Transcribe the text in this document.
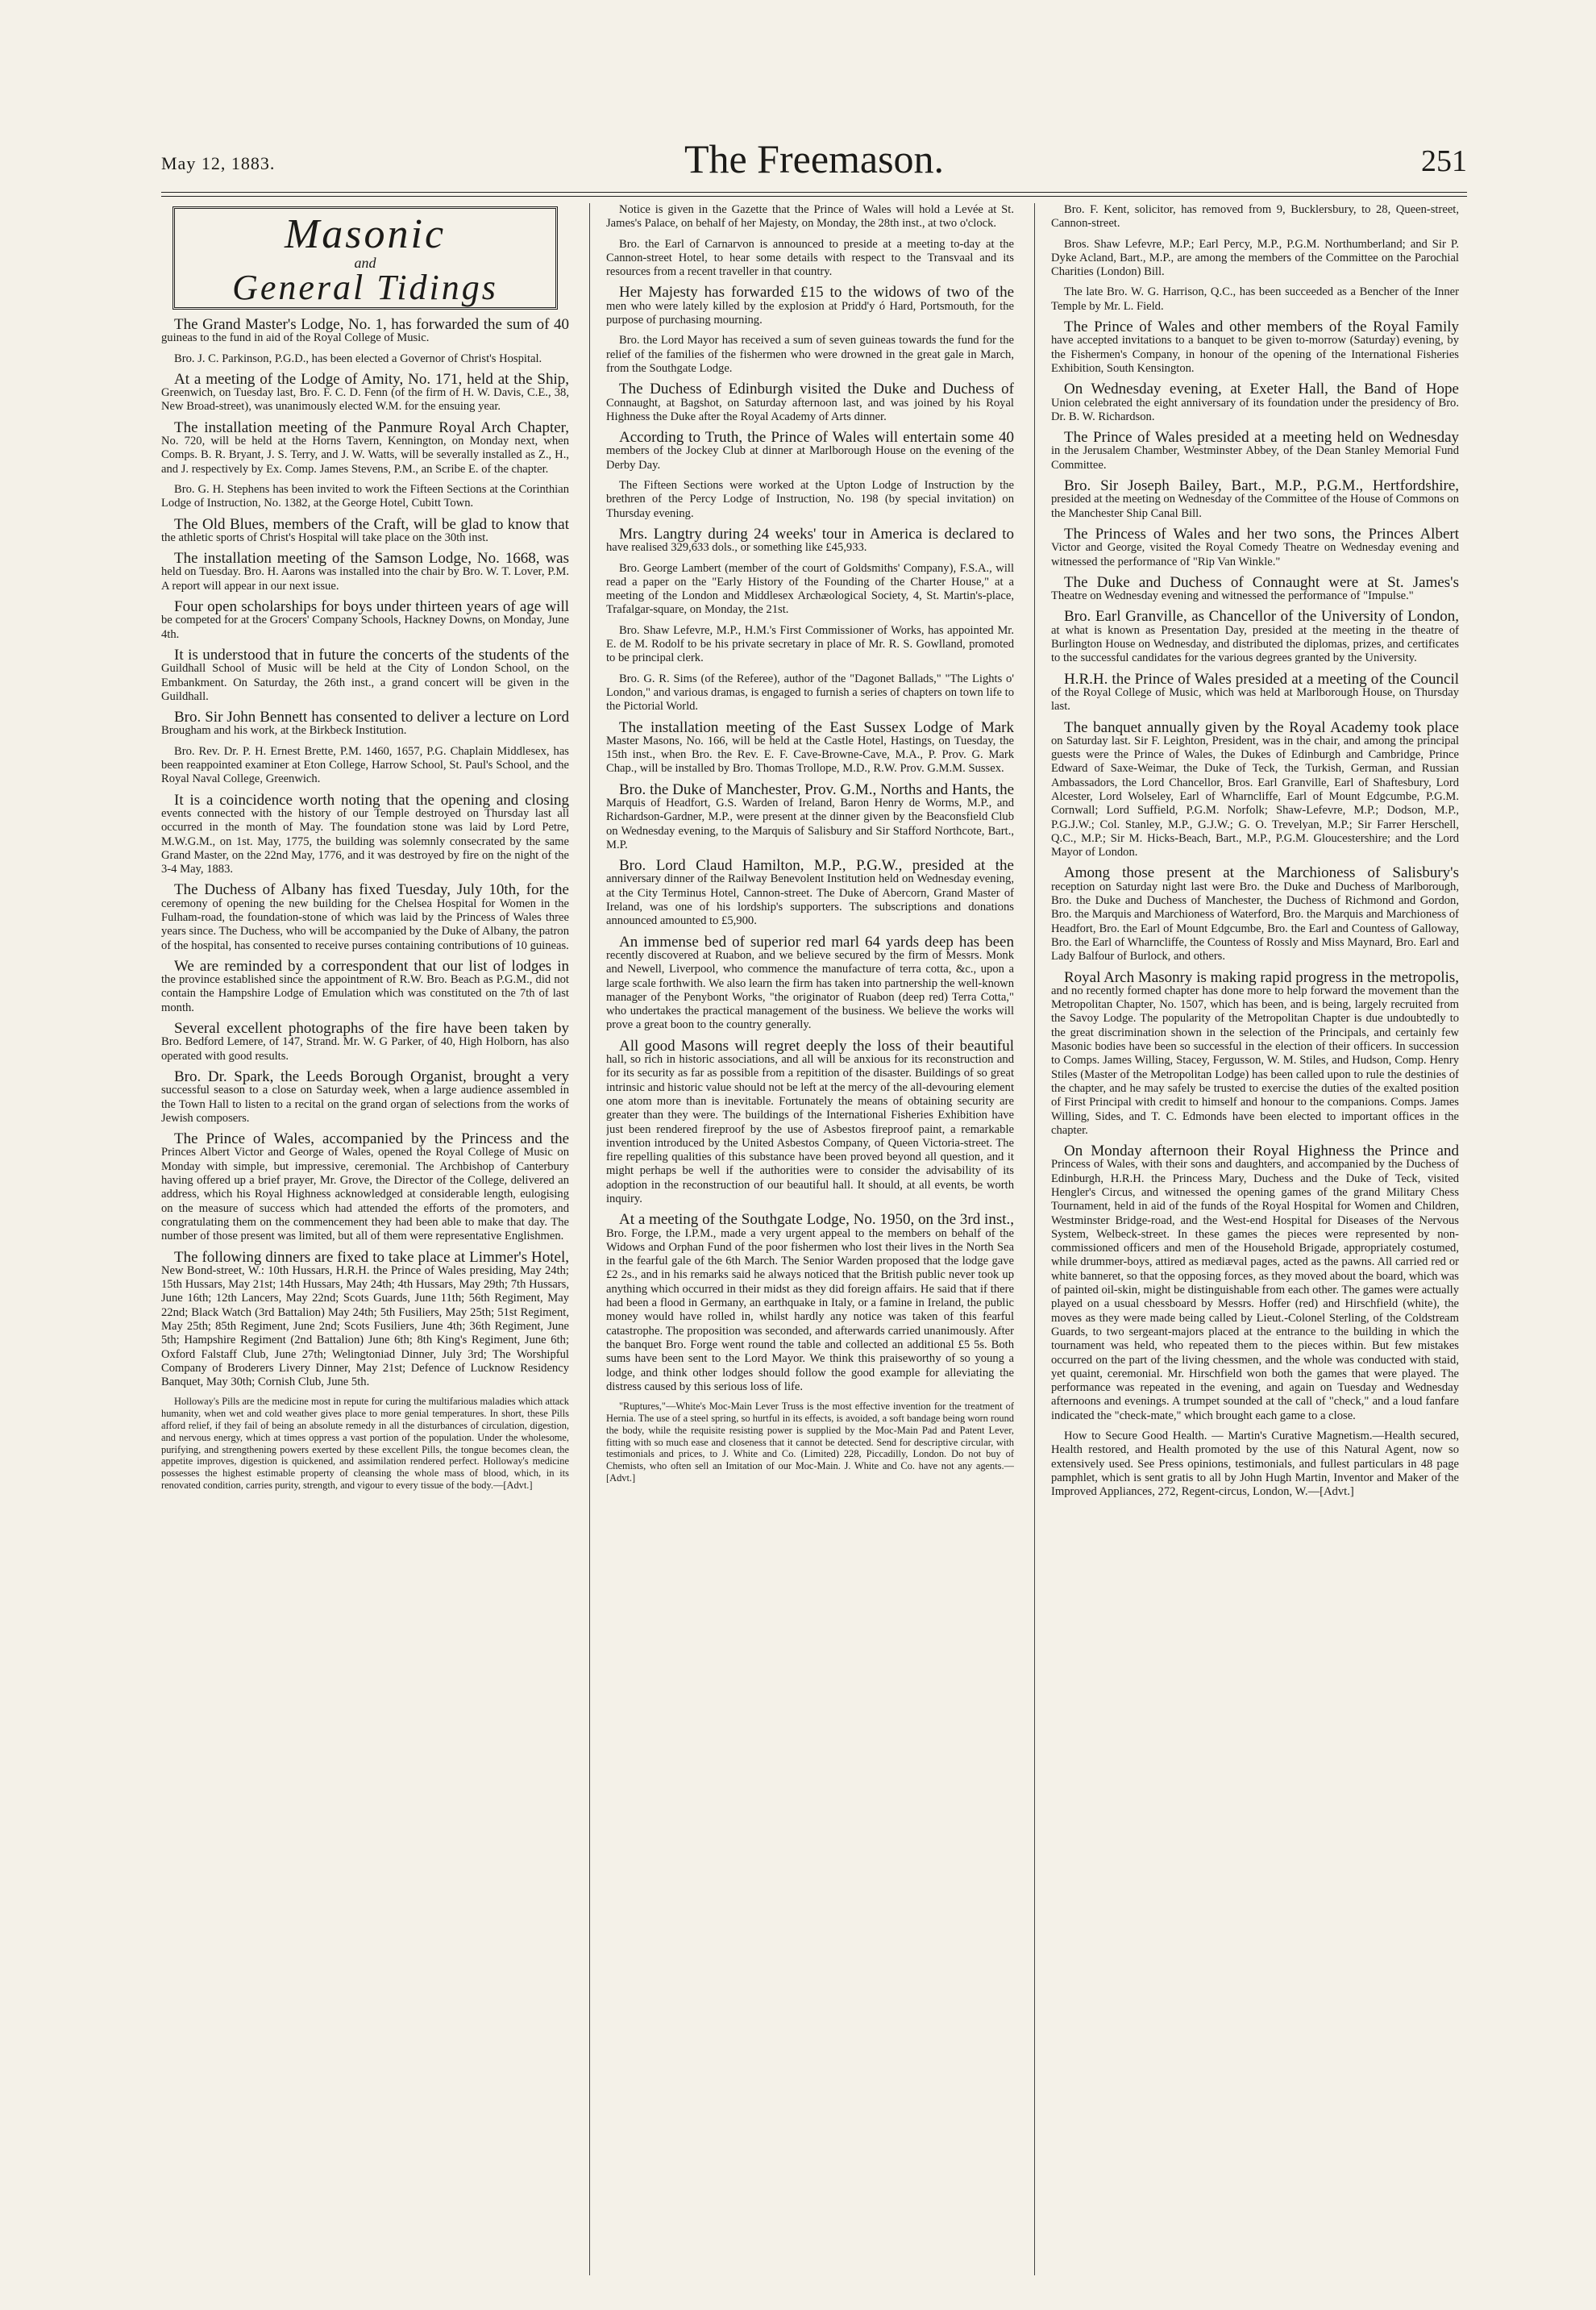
May 12, 1883.	The Freemason.	251
Masonic
and
General Tidings

The Grand Master's Lodge, No. 1, has forwarded the sum of 40 guineas to the fund in aid of the Royal College of Music.

Bro. J. C. Parkinson, P.G.D., has been elected a Governor of Christ's Hospital.

At a meeting of the Lodge of Amity, No. 171, held at the Ship, Greenwich, on Tuesday last, Bro. F. C. D. Fenn (of the firm of H. W. Davis, C.E., 38, New Broad-street), was unanimously elected W.M. for the ensuing year.

The installation meeting of the Panmure Royal Arch Chapter, No. 720, will be held at the Horns Tavern, Kennington, on Monday next, when Comps. B. R. Bryant, J. S. Terry, and J. W. Watts, will be severally installed as Z., H., and J. respectively by Ex. Comp. James Stevens, P.M., an Scribe E. of the chapter.

Bro. G. H. Stephens has been invited to work the Fifteen Sections at the Corinthian Lodge of Instruction, No. 1382, at the George Hotel, Cubitt Town.

The Old Blues, members of the Craft, will be glad to know that the athletic sports of Christ's Hospital will take place on the 30th inst.

The installation meeting of the Samson Lodge, No. 1668, was held on Tuesday. Bro. H. Aarons was installed into the chair by Bro. W. T. Lover, P.M. A report will appear in our next issue.

Four open scholarships for boys under thirteen years of age will be competed for at the Grocers' Company Schools, Hackney Downs, on Monday, June 4th.

It is understood that in future the concerts of the students of the Guildhall School of Music will be held at the City of London School, on the Embankment. On Saturday, the 26th inst., a grand concert will be given in the Guildhall.

Bro. Sir John Bennett has consented to deliver a lecture on Lord Brougham and his work, at the Birkbeck Institution.

Bro. Rev. Dr. P. H. Ernest Brette, P.M. 1460, 1657, P.G. Chaplain Middlesex, has been reappointed examiner at Eton College, Harrow School, St. Paul's School, and the Royal Naval College, Greenwich.

It is a coincidence worth noting that the opening and closing events connected with the history of our Temple destroyed on Thursday last all occurred in the month of May. The foundation stone was laid by Lord Petre, M.W.G.M., on 1st. May, 1775, the building was solemnly consecrated by the same Grand Master, on the 22nd May, 1776, and it was destroyed by fire on the night of the 3-4 May, 1883.

The Duchess of Albany has fixed Tuesday, July 10th, for the ceremony of opening the new building for the Chelsea Hospital for Women in the Fulham-road, the foundation-stone of which was laid by the Princess of Wales three years since. The Duchess, who will be accompanied by the Duke of Albany, the patron of the hospital, has consented to receive purses containing contributions of 10 guineas.

We are reminded by a correspondent that our list of lodges in the province established since the appointment of R.W. Bro. Beach as P.G.M., did not contain the Hampshire Lodge of Emulation which was constituted on the 7th of last month.

Several excellent photographs of the fire have been taken by Bro. Bedford Lemere, of 147, Strand. Mr. W. G Parker, of 40, High Holborn, has also operated with good results.

Bro. Dr. Spark, the Leeds Borough Organist, brought a very successful season to a close on Saturday week, when a large audience assembled in the Town Hall to listen to a recital on the grand organ of selections from the works of Jewish composers.

The Prince of Wales, accompanied by the Princess and the Princes Albert Victor and George of Wales, opened the Royal College of Music on Monday with simple, but impressive, ceremonial. The Archbishop of Canterbury having offered up a brief prayer, Mr. Grove, the Director of the College, delivered an address, which his Royal Highness acknowledged at considerable length, eulogising on the measure of success which had attended the efforts of the promoters, and congratulating them on the commencement they had been able to make that day. The number of those present was limited, but all of them were representative Englishmen.

The following dinners are fixed to take place at Limmer's Hotel, New Bond-street, W.: 10th Hussars, H.R.H. the Prince of Wales presiding, May 24th; 15th Hussars, May 21st; 14th Hussars, May 24th; 4th Hussars, May 29th; 7th Hussars, June 16th; 12th Lancers, May 22nd; Scots Guards, June 11th; 56th Regiment, May 22nd; Black Watch (3rd Battalion) May 24th; 5th Fusiliers, May 25th; 51st Regiment, May 25th; 85th Regiment, June 2nd; Scots Fusiliers, June 4th; 36th Regiment, June 5th; Hampshire Regiment (2nd Battalion) June 6th; 8th King's Regiment, June 6th; Oxford Falstaff Club, June 27th; Welingtoniad Dinner, July 3rd; The Worshipful Company of Broderers Livery Dinner, May 21st; Defence of Lucknow Residency Banquet, May 30th; Cornish Club, June 5th.

Holloway's Pills are the medicine most in repute for curing the multifarious maladies which attack humanity, when wet and cold weather gives place to more genial temperatures. In short, these Pills afford relief, if they fail of being an absolute remedy in all the disturbances of circulation, digestion, and nervous energy, which at times oppress a vast portion of the population. Under the wholesome, purifying, and strengthening powers exerted by these excellent Pills, the tongue becomes clean, the appetite improves, digestion is quickened, and assimilation rendered perfect. Holloway's medicine possesses the highest estimable property of cleansing the whole mass of blood, which, in its renovated condition, carries purity, strength, and vigour to every tissue of the body.—[Advt.]

Notice is given in the Gazette that the Prince of Wales will hold a Levée at St. James's Palace, on behalf of her Majesty, on Monday, the 28th inst., at two o'clock.

Bro. the Earl of Carnarvon is announced to preside at a meeting to-day at the Cannon-street Hotel, to hear some details with respect to the Transvaal and its resources from a recent traveller in that country.

Her Majesty has forwarded £15 to the widows of two of the men who were lately killed by the explosion at Pridd'y ó Hard, Portsmouth, for the purpose of purchasing mourning.

Bro. the Lord Mayor has received a sum of seven guineas towards the fund for the relief of the families of the fishermen who were drowned in the great gale in March, from the Southgate Lodge.

The Duchess of Edinburgh visited the Duke and Duchess of Connaught, at Bagshot, on Saturday afternoon last, and was joined by his Royal Highness the Duke after the Royal Academy of Arts dinner.

According to Truth, the Prince of Wales will entertain some 40 members of the Jockey Club at dinner at Marlborough House on the evening of the Derby Day.

The Fifteen Sections were worked at the Upton Lodge of Instruction by the brethren of the Percy Lodge of Instruction, No. 198 (by special invitation) on Thursday evening.

Mrs. Langtry during 24 weeks' tour in America is declared to have realised 329,633 dols., or something like £45,933.

Bro. George Lambert (member of the court of Goldsmiths' Company), F.S.A., will read a paper on the "Early History of the Founding of the Charter House," at a meeting of the London and Middlesex Archæological Society, 4, St. Martin's-place, Trafalgar-square, on Monday, the 21st.

Bro. Shaw Lefevre, M.P., H.M.'s First Commissioner of Works, has appointed Mr. E. de M. Rodolf to be his private secretary in place of Mr. R. S. Gowlland, promoted to be principal clerk.

Bro. G. R. Sims (of the Referee), author of the "Dagonet Ballads," "The Lights o' London," and various dramas, is engaged to furnish a series of chapters on town life to the Pictorial World.

The installation meeting of the East Sussex Lodge of Mark Master Masons, No. 166, will be held at the Castle Hotel, Hastings, on Tuesday, the 15th inst., when Bro. the Rev. E. F. Cave-Browne-Cave, M.A., P. Prov. G. Mark Chap., will be installed by Bro. Thomas Trollope, M.D., R.W. Prov. G.M.M. Sussex.

Bro. the Duke of Manchester, Prov. G.M., Norths and Hants, the Marquis of Headfort, G.S. Warden of Ireland, Baron Henry de Worms, M.P., and Richardson-Gardner, M.P., were present at the dinner given by the Beaconsfield Club on Wednesday evening, to the Marquis of Salisbury and Sir Stafford Northcote, Bart., M.P.

Bro. Lord Claud Hamilton, M.P., P.G.W., presided at the anniversary dinner of the Railway Benevolent Institution held on Wednesday evening, at the City Terminus Hotel, Cannon-street. The Duke of Abercorn, Grand Master of Ireland, was one of his lordship's supporters. The subscriptions and donations announced amounted to £5,900.

An immense bed of superior red marl 64 yards deep has been recently discovered at Ruabon, and we believe secured by the firm of Messrs. Monk and Newell, Liverpool, who commence the manufacture of terra cotta, &c., upon a large scale forthwith. We also learn the firm has taken into partnership the well-known manager of the Penybont Works, "the originator of Ruabon (deep red) Terra Cotta," who undertakes the practical management of the business. We believe the works will prove a great boon to the country generally.

All good Masons will regret deeply the loss of their beautiful hall, so rich in historic associations, and all will be anxious for its reconstruction and for its security as far as possible from a repitition of the disaster. Buildings of so great intrinsic and historic value should not be left at the mercy of the all-devouring element one atom more than is inevitable. Fortunately the means of obtaining security are greater than they were. The buildings of the International Fisheries Exhibition have just been rendered fireproof by the use of Asbestos fireproof paint, a remarkable invention introduced by the United Asbestos Company, of Queen Victoria-street. The fire repelling qualities of this substance have been proved beyond all question, and it might perhaps be well if the authorities were to consider the advisability of its adoption in the reconstruction of our beautiful hall. It should, at all events, be worth inquiry.

At a meeting of the Southgate Lodge, No. 1950, on the 3rd inst., Bro. Forge, the I.P.M., made a very urgent appeal to the members on behalf of the Widows and Orphan Fund of the poor fishermen who lost their lives in the North Sea in the fearful gale of the 6th March. The Senior Warden proposed that the lodge gave £2 2s., and in his remarks said he always noticed that the British public never took up anything which occurred in their midst as they did foreign affairs. He said that if there had been a flood in Germany, an earthquake in Italy, or a famine in Ireland, the public money would have rolled in, whilst hardly any notice was taken of this fearful catastrophe. The proposition was seconded, and afterwards carried unanimously. After the banquet Bro. Forge went round the table and collected an additional £5 5s. Both sums have been sent to the Lord Mayor. We think this praiseworthy of so young a lodge, and think other lodges should follow the good example for alleviating the distress caused by this serious loss of life.

"Ruptures,"—White's Moc-Main Lever Truss is the most effective invention for the treatment of Hernia. The use of a steel spring, so hurtful in its effects, is avoided, a soft bandage being worn round the body, while the requisite resisting power is supplied by the Moc-Main Pad and Patent Lever, fitting with so much ease and closeness that it cannot be detected. Send for descriptive circular, with testimonials and prices, to J. White and Co. (Limited) 228, Piccadilly, London. Do not buy of Chemists, who often sell an Imitation of our Moc-Main. J. White and Co. have not any agents.—[Advt.]

Bro. F. Kent, solicitor, has removed from 9, Bucklersbury, to 28, Queen-street, Cannon-street.

Bros. Shaw Lefevre, M.P.; Earl Percy, M.P., P.G.M. Northumberland; and Sir P. Dyke Acland, Bart., M.P., are among the members of the Committee on the Parochial Charities (London) Bill.

The late Bro. W. G. Harrison, Q.C., has been succeeded as a Bencher of the Inner Temple by Mr. L. Field.

The Prince of Wales and other members of the Royal Family have accepted invitations to a banquet to be given to-morrow (Saturday) evening, by the Fishermen's Company, in honour of the opening of the International Fisheries Exhibition, South Kensington.

On Wednesday evening, at Exeter Hall, the Band of Hope Union celebrated the eight anniversary of its foundation under the presidency of Bro. Dr. B. W. Richardson.

The Prince of Wales presided at a meeting held on Wednesday in the Jerusalem Chamber, Westminster Abbey, of the Dean Stanley Memorial Fund Committee.

Bro. Sir Joseph Bailey, Bart., M.P., P.G.M., Hertfordshire, presided at the meeting on Wednesday of the Committee of the House of Commons on the Manchester Ship Canal Bill.

The Princess of Wales and her two sons, the Princes Albert Victor and George, visited the Royal Comedy Theatre on Wednesday evening and witnessed the performance of "Rip Van Winkle."

The Duke and Duchess of Connaught were at St. James's Theatre on Wednesday evening and witnessed the performance of "Impulse."

Bro. Earl Granville, as Chancellor of the University of London, at what is known as Presentation Day, presided at the meeting in the theatre of Burlington House on Wednesday, and distributed the diplomas, prizes, and certificates to the successful candidates for the various degrees granted by the University.

H.R.H. the Prince of Wales presided at a meeting of the Council of the Royal College of Music, which was held at Marlborough House, on Thursday last.

The banquet annually given by the Royal Academy took place on Saturday last. Sir F. Leighton, President, was in the chair, and among the principal guests were the Prince of Wales, the Dukes of Edinburgh and Cambridge, Prince Edward of Saxe-Weimar, the Duke of Teck, the Turkish, German, and Russian Ambassadors, the Lord Chancellor, Bros. Earl Granville, Earl of Shaftesbury, Lord Alcester, Lord Wolseley, Earl of Wharncliffe, Earl of Mount Edgcumbe, P.G.M. Cornwall; Lord Suffield, P.G.M. Norfolk; Shaw-Lefevre, M.P.; Dodson, M.P., P.G.J.W.; Col. Stanley, M.P., G.J.W.; G. O. Trevelyan, M.P.; Sir Farrer Herschell, Q.C., M.P.; Sir M. Hicks-Beach, Bart., M.P., P.G.M. Gloucestershire; and the Lord Mayor of London.

Among those present at the Marchioness of Salisbury's reception on Saturday night last were Bro. the Duke and Duchess of Marlborough, Bro. the Duke and Duchess of Manchester, the Duchess of Richmond and Gordon, Bro. the Marquis and Marchioness of Waterford, Bro. the Marquis and Marchioness of Headfort, Bro. the Earl of Mount Edgcumbe, Bro. the Earl and Countess of Galloway, Bro. the Earl of Wharncliffe, the Countess of Rossly and Miss Maynard, Bro. Earl and Lady Balfour of Burlock, and others.

Royal Arch Masonry is making rapid progress in the metropolis, and no recently formed chapter has done more to help forward the movement than the Metropolitan Chapter, No. 1507, which has been, and is being, largely recruited from the Savoy Lodge. The popularity of the Metropolitan Chapter is due undoubtedly to the great discrimination shown in the selection of the Principals, and certainly few Masonic bodies have been so successful in the election of their officers. In succession to Comps. James Willing, Stacey, Fergusson, W. M. Stiles, and Hudson, Comp. Henry Stiles (Master of the Metropolitan Lodge) has been called upon to rule the destinies of the chapter, and he may safely be trusted to exercise the duties of the exalted position of First Principal with credit to himself and honour to the companions. Comps. James Willing, Sides, and T. C. Edmonds have been elected to important offices in the chapter.

On Monday afternoon their Royal Highness the Prince and Princess of Wales, with their sons and daughters, and accompanied by the Duchess of Edinburgh, H.R.H. the Princess Mary, Duchess and the Duke of Teck, visited Hengler's Circus, and witnessed the opening games of the grand Military Chess Tournament, held in aid of the funds of the Royal Hospital for Women and Children, Westminster Bridge-road, and the West-end Hospital for Diseases of the Nervous System, Welbeck-street. In these games the pieces were represented by non-commissioned officers and men of the Household Brigade, appropriately costumed, while drummer-boys, attired as mediæval pages, acted as the pawns. All carried red or white banneret, so that the opposing forces, as they moved about the board, which was of painted oil-skin, might be distinguishable from each other. The games were actually played on a usual chessboard by Messrs. Hoffer (red) and Hirschfield (white), the moves as they were made being called by Lieut.-Colonel Sterling, of the Coldstream Guards, to two sergeant-majors placed at the entrance to the building in which the tournament was held, who repeated them to the pieces within. But few mistakes occurred on the part of the living chessmen, and the whole was conducted with staid, yet quaint, ceremonial. Mr. Hirschfield won both the games that were played. The performance was repeated in the evening, and again on Tuesday and Wednesday afternoons and evenings. A trumpet sounded at the call of "check," and a loud fanfare indicated the "check-mate," which brought each game to a close.

How to Secure Good Health. — Martin's Curative Magnetism.—Health secured, Health restored, and Health promoted by the use of this Natural Agent, now so extensively used. See Press opinions, testimonials, and fullest particulars in 48 page pamphlet, which is sent gratis to all by John Hugh Martin, Inventor and Maker of the Improved Appliances, 272, Regent-circus, London, W.—[Advt.]
